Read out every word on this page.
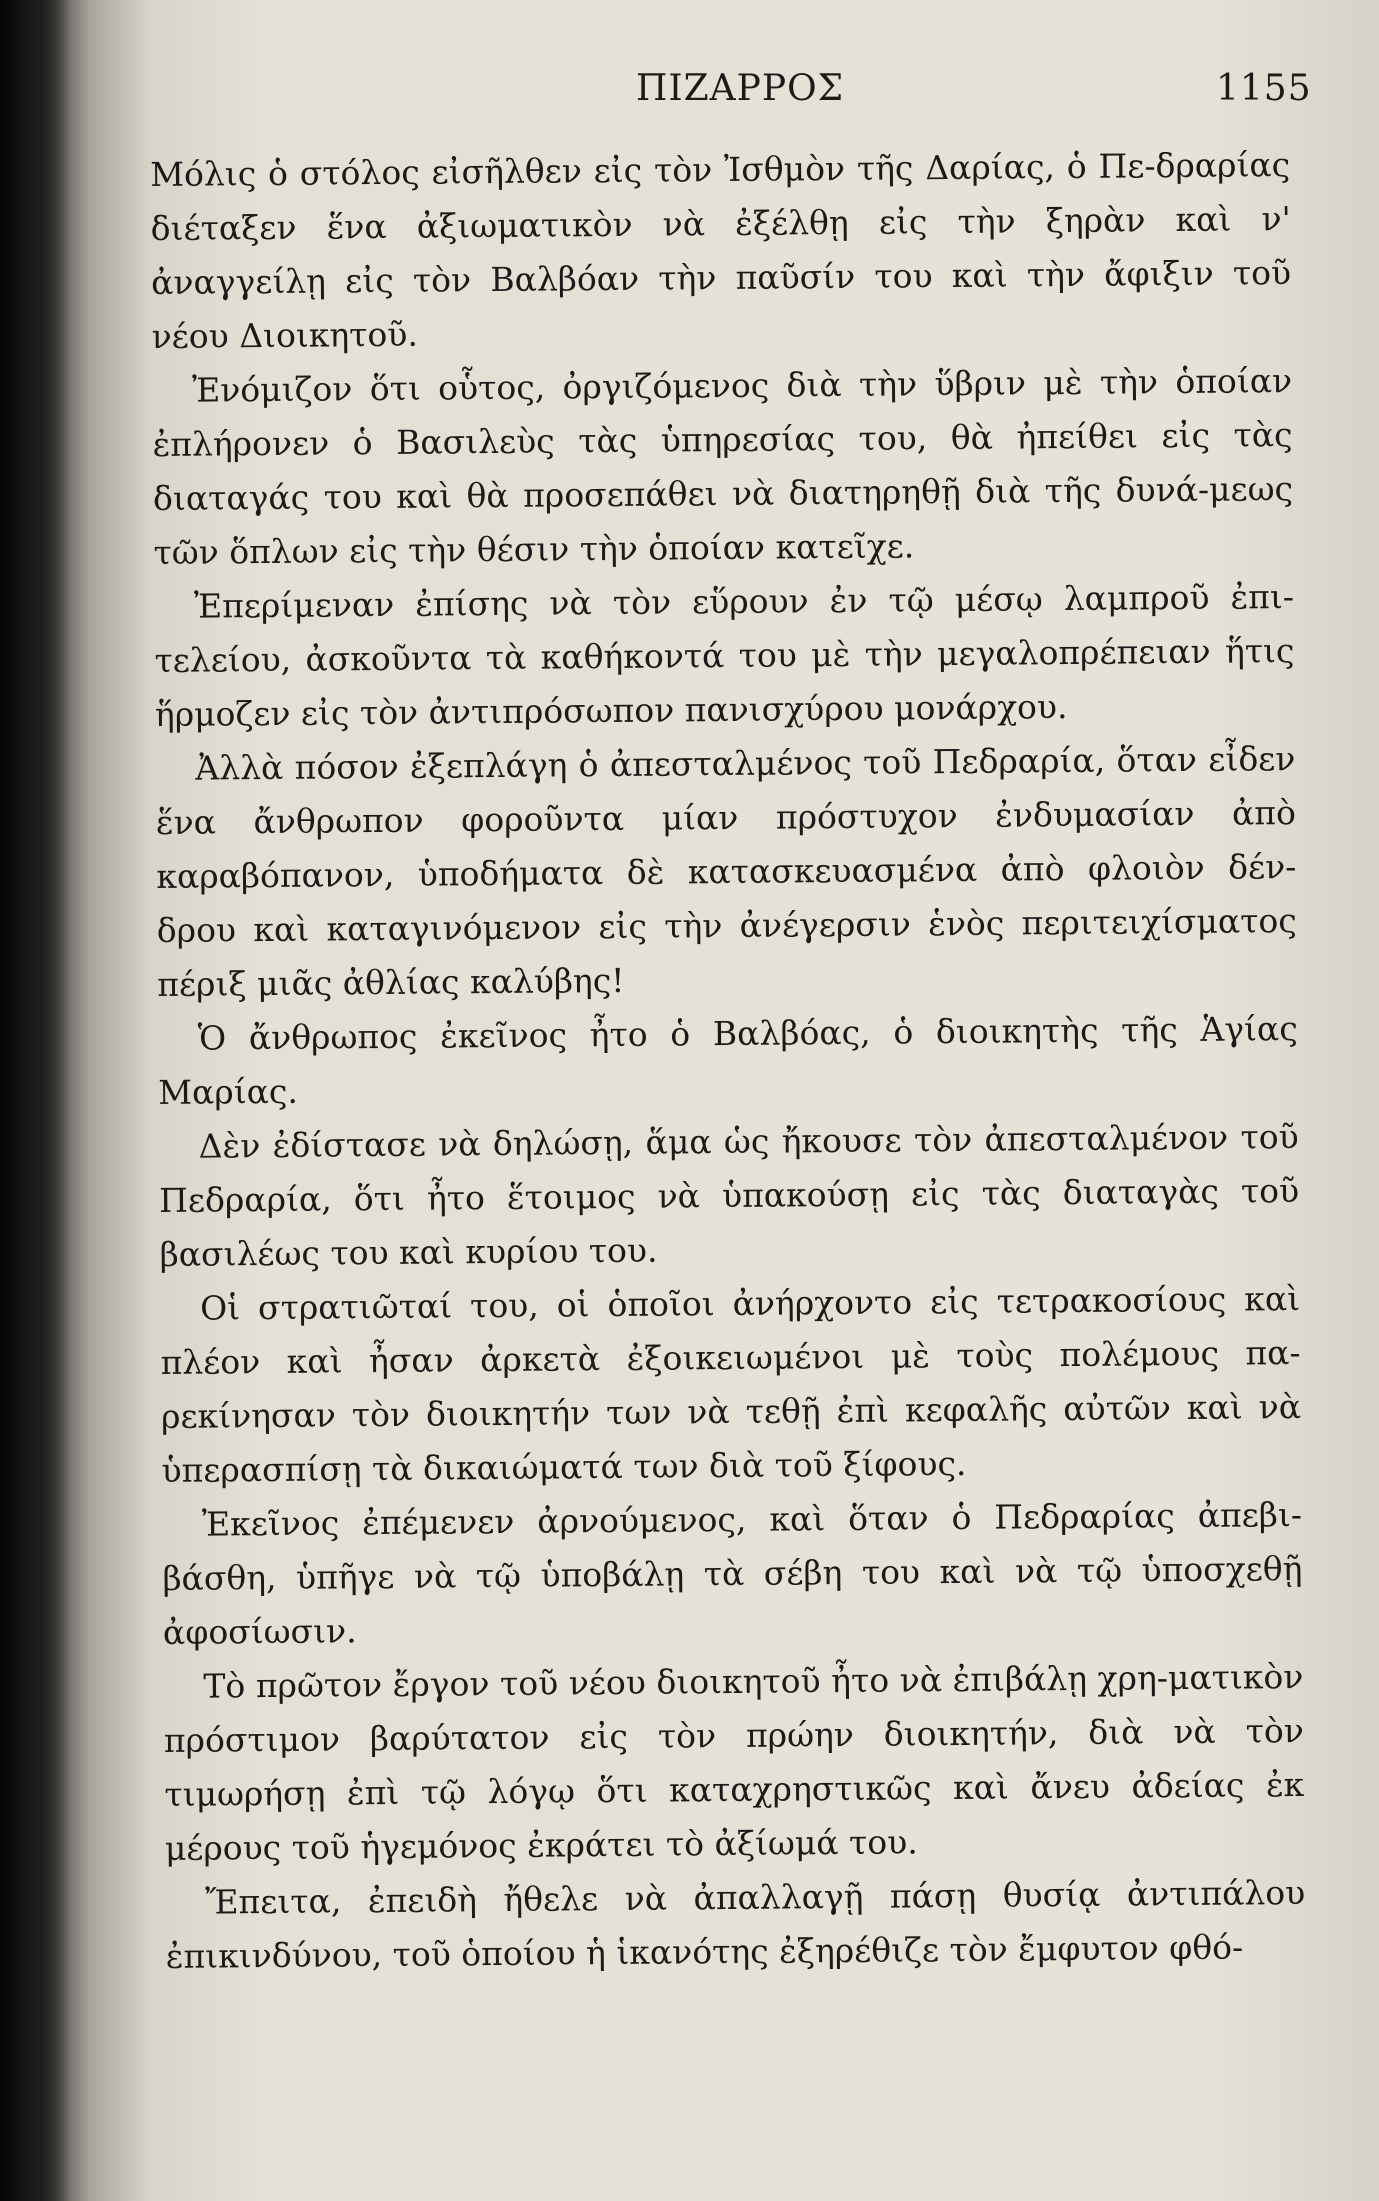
ΠΙΖΑΡΡΟΣ	1155

Μόλις ὁ στόλος εἰσῆλθεν εἰς τὸν Ἰσθμὸν τῆς Δαρίας, ὁ Πε-δραρίας διέταξεν ἕνα ἀξιωματικὸν νὰ ἐξέλθῃ εἰς τὴν ξηρὰν καὶ ν' ἀναγγείλῃ εἰς τὸν Βαλβόαν τὴν παῦσίν του καὶ τὴν ἄφιξιν τοῦ νέου Διοικητοῦ.

Ἐνόμιζον ὅτι οὗτος, ὀργιζόμενος διὰ τὴν ὕβριν μὲ τὴν ὁποίαν ἐπλήρονεν ὁ Βασιλεὺς τὰς ὑπηρεσίας του, θὰ ἠπείθει εἰς τὰς διαταγάς του καὶ θὰ προσεπάθει νὰ διατηρηθῇ διὰ τῆς δυνά-μεως τῶν ὅπλων εἰς τὴν θέσιν τὴν ὁποίαν κατεῖχε.

Ἐπερίμεναν ἐπίσης νὰ τὸν εὕρουν ἐν τῷ μέσῳ λαμπροῦ ἐπι-τελείου, ἀσκοῦντα τὰ καθήκοντά του μὲ τὴν μεγαλοπρέπειαν ἥτις ἥρμοζεν εἰς τὸν ἀντιπρόσωπον πανισχύρου μονάρχου.

Ἀλλὰ πόσον ἐξεπλάγη ὁ ἀπεσταλμένος τοῦ Πεδραρία, ὅταν εἶδεν ἕνα ἄνθρωπον φοροῦντα μίαν πρόστυχον ἐνδυμασίαν ἀπὸ καραβόπανον, ὑποδήματα δὲ κατασκευασμένα ἀπὸ φλοιὸν δέν-δρου καὶ καταγινόμενον εἰς τὴν ἀνέγερσιν ἑνὸς περιτειχίσματος πέριξ μιᾶς ἀθλίας καλύβης!

Ὁ ἄνθρωπος ἐκεῖνος ἦτο ὁ Βαλβόας, ὁ διοικητὴς τῆς Ἁγίας Μαρίας.

Δὲν ἐδίστασε νὰ δηλώσῃ, ἅμα ὡς ἤκουσε τὸν ἀπεσταλμένον τοῦ Πεδραρία, ὅτι ἦτο ἕτοιμος νὰ ὑπακούσῃ εἰς τὰς διαταγὰς τοῦ βασιλέως του καὶ κυρίου του.

Οἱ στρατιῶταί του, οἱ ὁποῖοι ἀνήρχοντο εἰς τετρακοσίους καὶ πλέον καὶ ἦσαν ἀρκετὰ ἐξοικειωμένοι μὲ τοὺς πολέμους πα-ρεκίνησαν τὸν διοικητήν των νὰ τεθῇ ἐπὶ κεφαλῆς αὐτῶν καὶ νὰ ὑπερασπίσῃ τὰ δικαιώματά των διὰ τοῦ ξίφους.

Ἐκεῖνος ἐπέμενεν ἀρνούμενος, καὶ ὅταν ὁ Πεδραρίας ἀπεβι-βάσθη, ὑπῆγε νὰ τῷ ὑποβάλῃ τὰ σέβη του καὶ νὰ τῷ ὑποσχεθῇ ἀφοσίωσιν.

Τὸ πρῶτον ἔργον τοῦ νέου διοικητοῦ ἦτο νὰ ἐπιβάλῃ χρη-ματικὸν πρόστιμον βαρύτατον εἰς τὸν πρώην διοικητήν, διὰ νὰ τὸν τιμωρήσῃ ἐπὶ τῷ λόγῳ ὅτι καταχρηστικῶς καὶ ἄνευ ἀδείας ἐκ μέρους τοῦ ἡγεμόνος ἐκράτει τὸ ἀξίωμά του.

Ἔπειτα, ἐπειδὴ ἤθελε νὰ ἀπαλλαγῇ πάσῃ θυσίᾳ ἀντιπάλου ἐπικινδύνου, τοῦ ὁποίου ἡ ἱκανότης ἐξηρέθιζε τὸν ἔμφυτον φθό-
